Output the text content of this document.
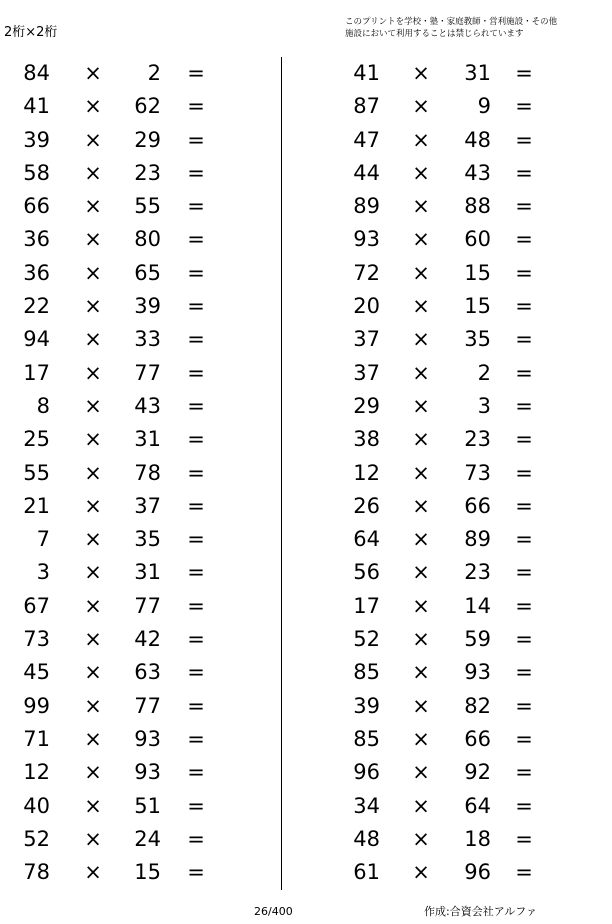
2桁×2桁
このプリントを学校・塾・家庭教師・営利施設・その他
施設において利用することは禁じられています
84 ×	2 =
41 × 62 =
39 × 29 =
58 × 23 =
66 × 55 =
36 × 80 =
36 × 65 =
22 × 39 =
94 × 33 =
17 × 77 =
8 × 43 =
25 × 31 =
55 × 78 =
21 × 37 =
7 × 35 =
3 × 31 =
67 × 77 =
73 × 42 =
45 × 63 =
99 × 77 =
71 × 93 =
12 × 93 =
40 × 51 =
52 × 24 =
78 × 15 =
41 × 31 =
87 ×	9 =
47 × 48 =
44 × 43 =
89 × 88 =
93 × 60 =
72 × 15 =
20 × 15 =
37 × 35 =
37 ×	2 =
29 ×	3 =
38 × 23 =
12 × 73 =
26 × 66 =
64 × 89 =
56 × 23 =
17 × 14 =
52 × 59 =
85 × 93 =
39 × 82 =
85 × 66 =
96 × 92 =
34 × 64 =
48 × 18 =
61 × 96 =
26/400	作成:合資会社アルファ
